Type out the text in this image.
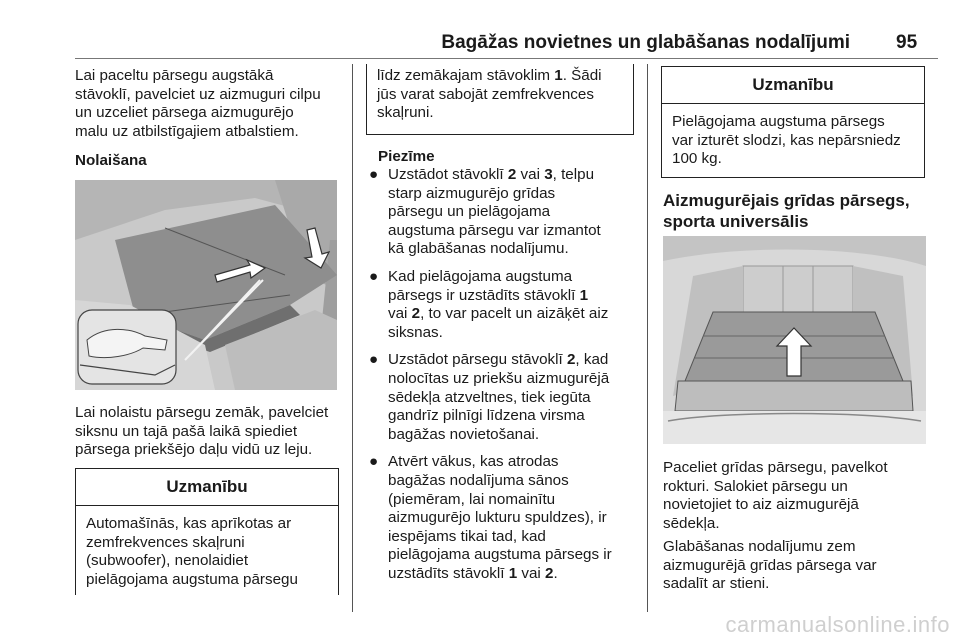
Bagāžas novietnes un glabāšanas nodalījumi 95
Lai paceltu pārsegu augstākā
stāvoklī, pavelciet uz aizmuguri cilpu
un uzceliet pārsega aizmugurējo
malu uz atbilstīgajiem atbalstiem.
Nolaišana
Lai nolaistu pārsegu zemāk, pavelciet
siksnu un tajā pašā laikā spiediet
pārsega priekšējo daļu vidū uz leju.
Uzmanību
Automašīnās, kas aprīkotas ar
zemfrekvences skaļruni
(subwoofer), nenolaidiet
pielāgojama augstuma pārsegu
līdz zemākajam stāvoklim 1. Šādi
jūs varat sabojāt zemfrekvences
skaļruni.
Piezīme
● Uzstādot stāvoklī 2 vai 3, telpu
starp aizmugurējo grīdas
pārsegu un pielāgojama
augstuma pārsegu var izmantot
kā glabāšanas nodalījumu.
● Kad pielāgojama augstuma
pārsegs ir uzstādīts stāvoklī 1
vai 2, to var pacelt un aizāķēt aiz
siksnas.
● Uzstādot pārsegu stāvoklī 2, kad
nolocītas uz priekšu aizmugurējā
sēdekļa atzveltnes, tiek iegūta
gandrīz pilnīgi līdzena virsma
bagāžas novietošanai.
● Atvērt vākus, kas atrodas
bagāžas nodalījuma sānos
(piemēram, lai nomainītu
aizmugurējo lukturu spuldzes), ir
iespējams tikai tad, kad
pielāgojama augstuma pārsegs ir
uzstādīts stāvoklī 1 vai 2.
Uzmanību
Pielāgojama augstuma pārsegs
var izturēt slodzi, kas nepārsniedz
100 kg.
Aizmugurējais grīdas pārsegs,
sporta universālis
Paceliet grīdas pārsegu, pavelkot
rokturi. Salokiet pārsegu un
novietojiet to aiz aizmugurējā
sēdekļa.
Glabāšanas nodalījumu zem
aizmugurējā grīdas pārsega var
sadalīt ar stieni.
carmanualsonline.info
